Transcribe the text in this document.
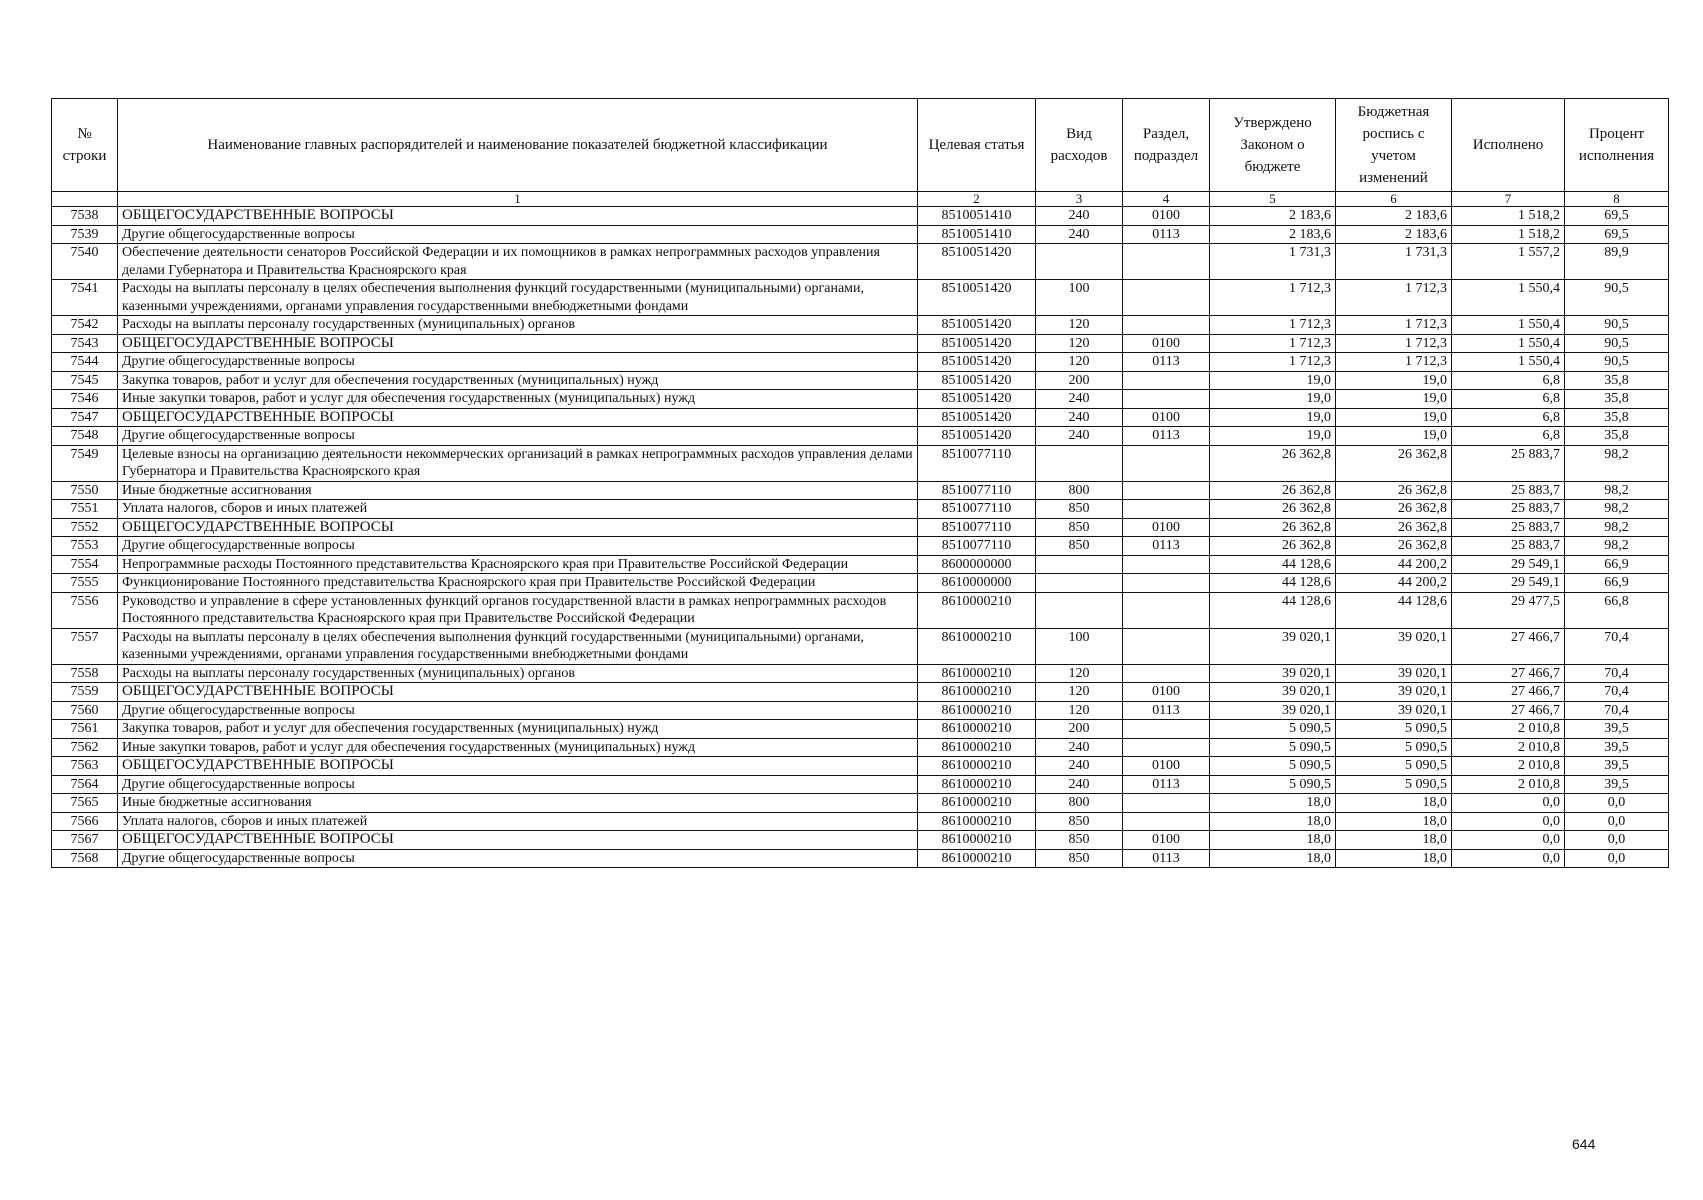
№ строки	Наименование главных распорядителей и наименование показателей бюджетной классификации	Целевая статья	Вид расходов	Раздел, подраздел	Утверждено Законом о бюджете	Бюджетная роспись с учетом изменений	Исполнено	Процент исполнения
	1	2	3	4	5	6	7	8
7538	ОБЩЕГОСУДАРСТВЕННЫЕ ВОПРОСЫ	8510051410	240	0100	2 183,6	2 183,6	1 518,2	69,5
7539	Другие общегосударственные вопросы	8510051410	240	0113	2 183,6	2 183,6	1 518,2	69,5
7540	Обеспечение деятельности сенаторов Российской Федерации и их помощников в рамках непрограммных расходов управления делами Губернатора и Правительства Красноярского края	8510051420			1 731,3	1 731,3	1 557,2	89,9
7541	Расходы на выплаты персоналу в целях обеспечения выполнения функций государственными (муниципальными) органами, казенными учреждениями, органами управления государственными внебюджетными фондами	8510051420	100		1 712,3	1 712,3	1 550,4	90,5
7542	Расходы на выплаты персоналу государственных (муниципальных) органов	8510051420	120		1 712,3	1 712,3	1 550,4	90,5
7543	ОБЩЕГОСУДАРСТВЕННЫЕ ВОПРОСЫ	8510051420	120	0100	1 712,3	1 712,3	1 550,4	90,5
7544	Другие общегосударственные вопросы	8510051420	120	0113	1 712,3	1 712,3	1 550,4	90,5
7545	Закупка товаров, работ и услуг для обеспечения государственных (муниципальных) нужд	8510051420	200		19,0	19,0	6,8	35,8
7546	Иные закупки товаров, работ и услуг для обеспечения государственных (муниципальных) нужд	8510051420	240		19,0	19,0	6,8	35,8
7547	ОБЩЕГОСУДАРСТВЕННЫЕ ВОПРОСЫ	8510051420	240	0100	19,0	19,0	6,8	35,8
7548	Другие общегосударственные вопросы	8510051420	240	0113	19,0	19,0	6,8	35,8
7549	Целевые взносы на организацию деятельности некоммерческих организаций в рамках непрограммных расходов управления делами Губернатора и Правительства Красноярского края	8510077110			26 362,8	26 362,8	25 883,7	98,2
7550	Иные бюджетные ассигнования	8510077110	800		26 362,8	26 362,8	25 883,7	98,2
7551	Уплата налогов, сборов и иных платежей	8510077110	850		26 362,8	26 362,8	25 883,7	98,2
7552	ОБЩЕГОСУДАРСТВЕННЫЕ ВОПРОСЫ	8510077110	850	0100	26 362,8	26 362,8	25 883,7	98,2
7553	Другие общегосударственные вопросы	8510077110	850	0113	26 362,8	26 362,8	25 883,7	98,2
7554	Непрограммные расходы Постоянного представительства Красноярского края при Правительстве Российской Федерации	8600000000			44 128,6	44 200,2	29 549,1	66,9
7555	Функционирование Постоянного представительства Красноярского края при Правительстве Российской Федерации	8610000000			44 128,6	44 200,2	29 549,1	66,9
7556	Руководство и управление в сфере установленных функций органов государственной власти в рамках непрограммных расходов Постоянного представительства Красноярского края при Правительстве Российской Федерации	8610000210			44 128,6	44 128,6	29 477,5	66,8
7557	Расходы на выплаты персоналу в целях обеспечения выполнения функций государственными (муниципальными) органами, казенными учреждениями, органами управления государственными внебюджетными фондами	8610000210	100		39 020,1	39 020,1	27 466,7	70,4
7558	Расходы на выплаты персоналу государственных (муниципальных) органов	8610000210	120		39 020,1	39 020,1	27 466,7	70,4
7559	ОБЩЕГОСУДАРСТВЕННЫЕ ВОПРОСЫ	8610000210	120	0100	39 020,1	39 020,1	27 466,7	70,4
7560	Другие общегосударственные вопросы	8610000210	120	0113	39 020,1	39 020,1	27 466,7	70,4
7561	Закупка товаров, работ и услуг для обеспечения государственных (муниципальных) нужд	8610000210	200		5 090,5	5 090,5	2 010,8	39,5
7562	Иные закупки товаров, работ и услуг для обеспечения государственных (муниципальных) нужд	8610000210	240		5 090,5	5 090,5	2 010,8	39,5
7563	ОБЩЕГОСУДАРСТВЕННЫЕ ВОПРОСЫ	8610000210	240	0100	5 090,5	5 090,5	2 010,8	39,5
7564	Другие общегосударственные вопросы	8610000210	240	0113	5 090,5	5 090,5	2 010,8	39,5
7565	Иные бюджетные ассигнования	8610000210	800		18,0	18,0	0,0	0,0
7566	Уплата налогов, сборов и иных платежей	8610000210	850		18,0	18,0	0,0	0,0
7567	ОБЩЕГОСУДАРСТВЕННЫЕ ВОПРОСЫ	8610000210	850	0100	18,0	18,0	0,0	0,0
7568	Другие общегосударственные вопросы	8610000210	850	0113	18,0	18,0	0,0	0,0
644
